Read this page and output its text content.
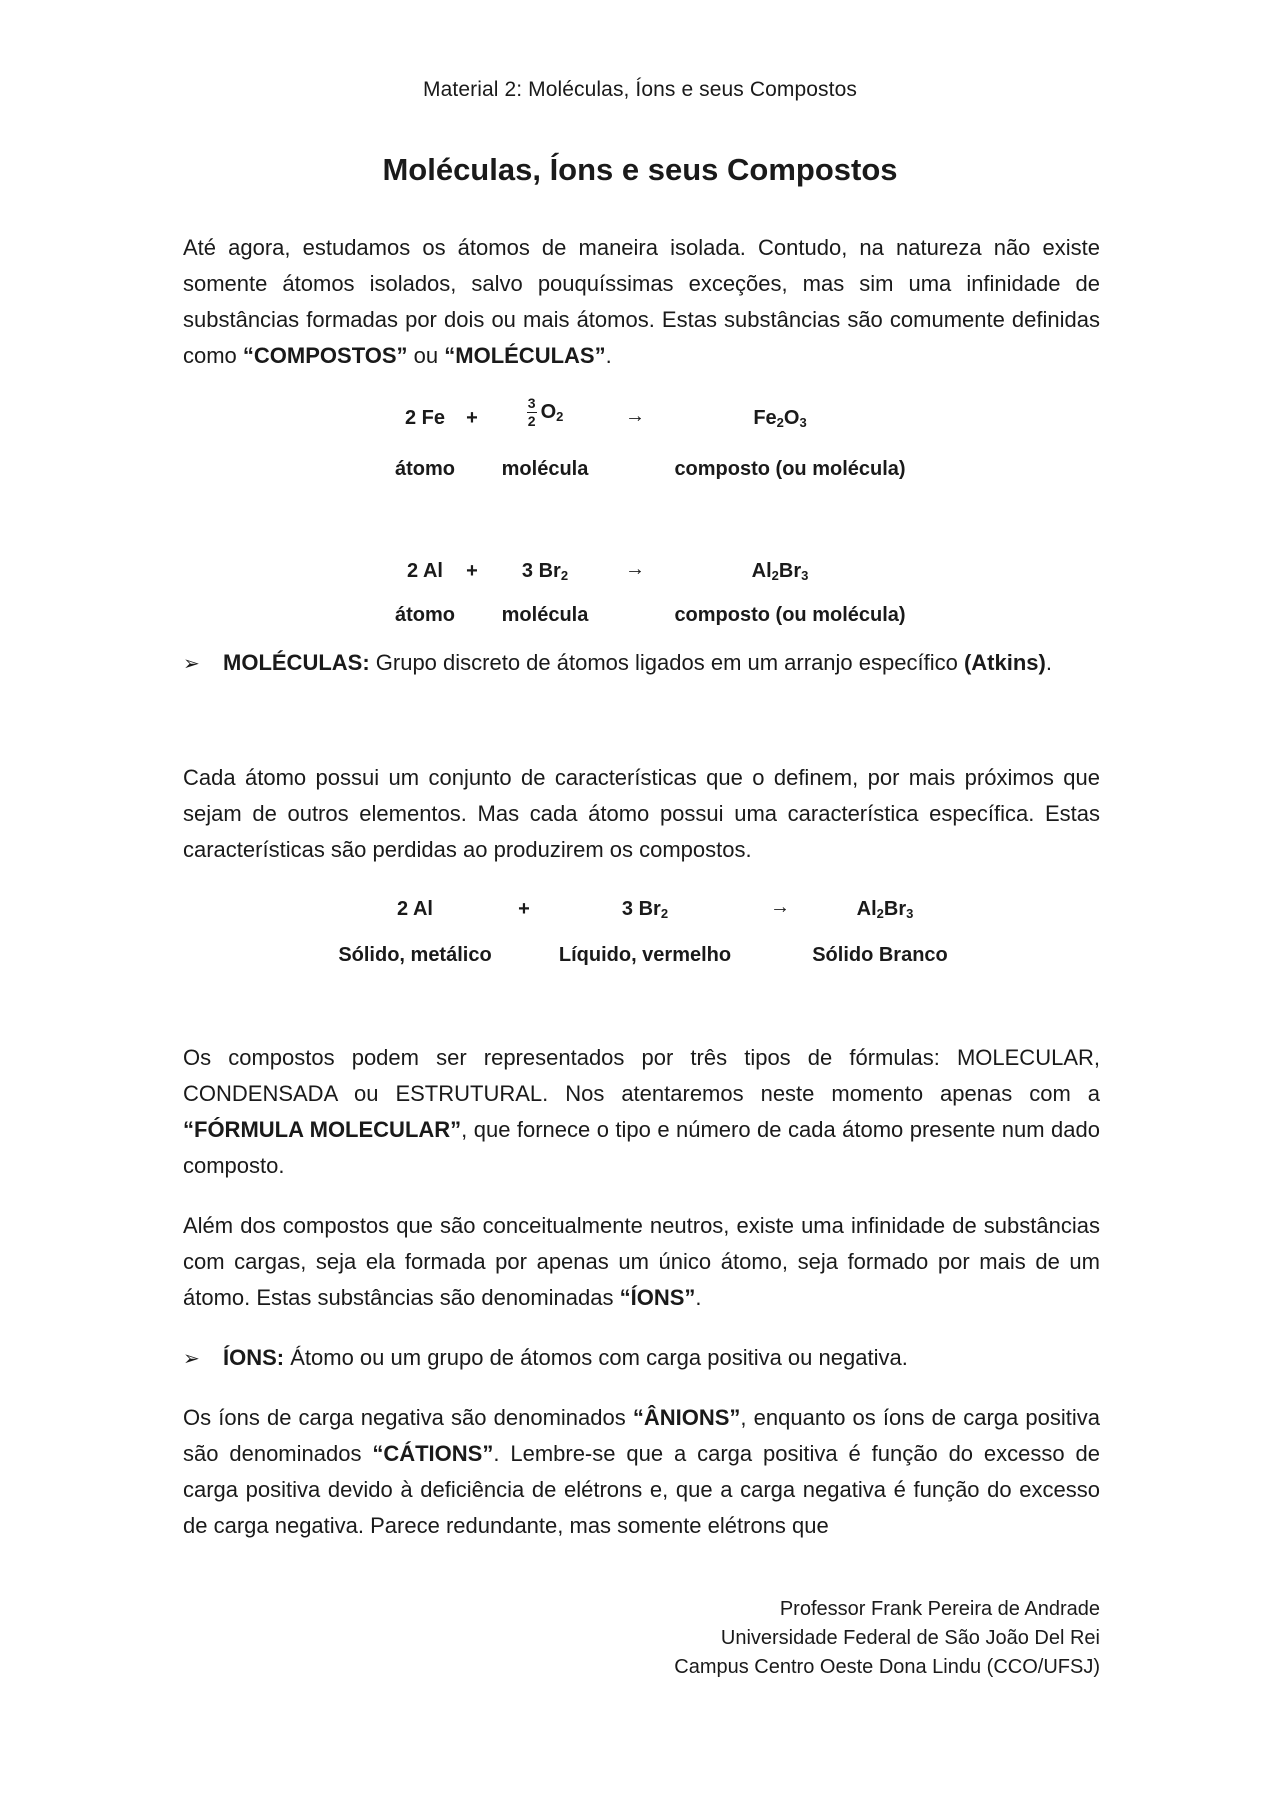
Material 2: Moléculas, Íons e seus Compostos
Moléculas, Íons e seus Compostos

Até agora, estudamos os átomos de maneira isolada. Contudo, na natureza não existe somente átomos isolados, salvo pouquíssimas exceções, mas sim uma infinidade de substâncias formadas por dois ou mais átomos. Estas substâncias são comumente definidas como “COMPOSTOS” ou “MOLÉCULAS”.

2 Fe	+	$\frac{3}{2} O_2$	→	$Fe_2O_3$
átomo	molécula	composto (ou molécula)
2 Al	+	3 $Br_2$	→	$Al_2Br_3$
átomo	molécula	composto (ou molécula)

➢ MOLÉCULAS: Grupo discreto de átomos ligados em um arranjo específico (Atkins).

Cada átomo possui um conjunto de características que o definem, por mais próximos que sejam de outros elementos. Mas cada átomo possui uma característica específica. Estas características são perdidas ao produzirem os compostos.

2 Al	+	3 $Br_2$	→	$Al_2Br_3$
Sólido, metálico	Líquido, vermelho	Sólido Branco

Os compostos podem ser representados por três tipos de fórmulas: MOLECULAR, CONDENSADA ou ESTRUTURAL. Nos atentaremos neste momento apenas com a “FÓRMULA MOLECULAR”, que fornece o tipo e número de cada átomo presente num dado composto.

Além dos compostos que são conceitualmente neutros, existe uma infinidade de substâncias com cargas, seja ela formada por apenas um único átomo, seja formado por mais de um átomo. Estas substâncias são denominadas “ÍONS”.

➢ ÍONS: Átomo ou um grupo de átomos com carga positiva ou negativa.

Os íons de carga negativa são denominados “ÂNIONS”, enquanto os íons de carga positiva são denominados “CÁTIONS”. Lembre-se que a carga positiva é função do excesso de carga positiva devido à deficiência de elétrons e, que a carga negativa é função do excesso de carga negativa. Parece redundante, mas somente elétrons que

Professor Frank Pereira de Andrade
Universidade Federal de São João Del Rei
Campus Centro Oeste Dona Lindu (CCO/UFSJ)
